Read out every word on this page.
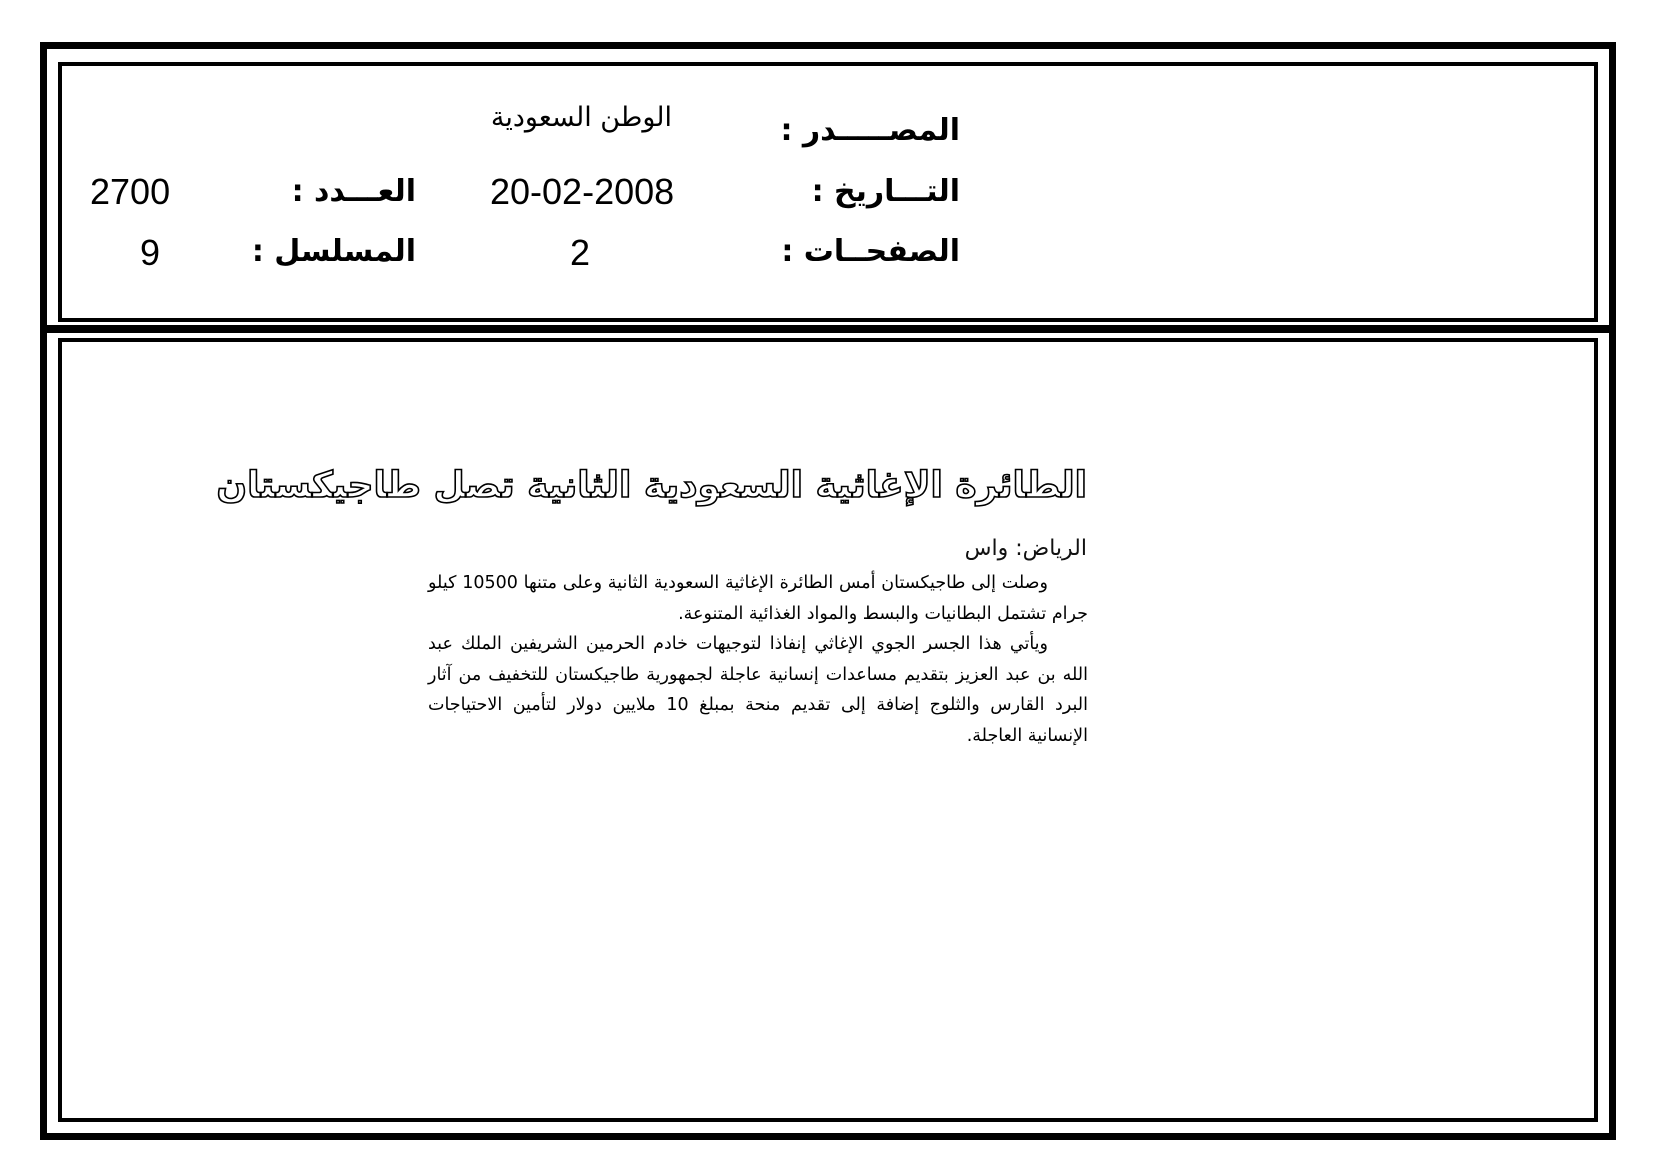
المصـــــدر :
الوطن السعودية
التـــاريخ :
20-02-2008
العـــدد :
2700
الصفحــات :
2
المسلسل :
9
الطائرة الإغاثية السعودية الثانية تصل طاجيكستان
الرياض: واس

وصلت إلى طاجيكستان أمس الطائرة الإغاثية السعودية الثانية وعلى متنها 10500 كيلو جرام تشتمل البطانيات والبسط والمواد الغذائية المتنوعة.

ويأتي هذا الجسر الجوي الإغاثي إنفاذا لتوجيهات خادم الحرمين الشريفين الملك عبد الله بن عبد العزيز بتقديم مساعدات إنسانية عاجلة لجمهورية طاجيكستان للتخفيف من آثار البرد القارس والثلوج إضافة إلى تقديم منحة بمبلغ 10 ملايين دولار لتأمين الاحتياجات الإنسانية العاجلة.
